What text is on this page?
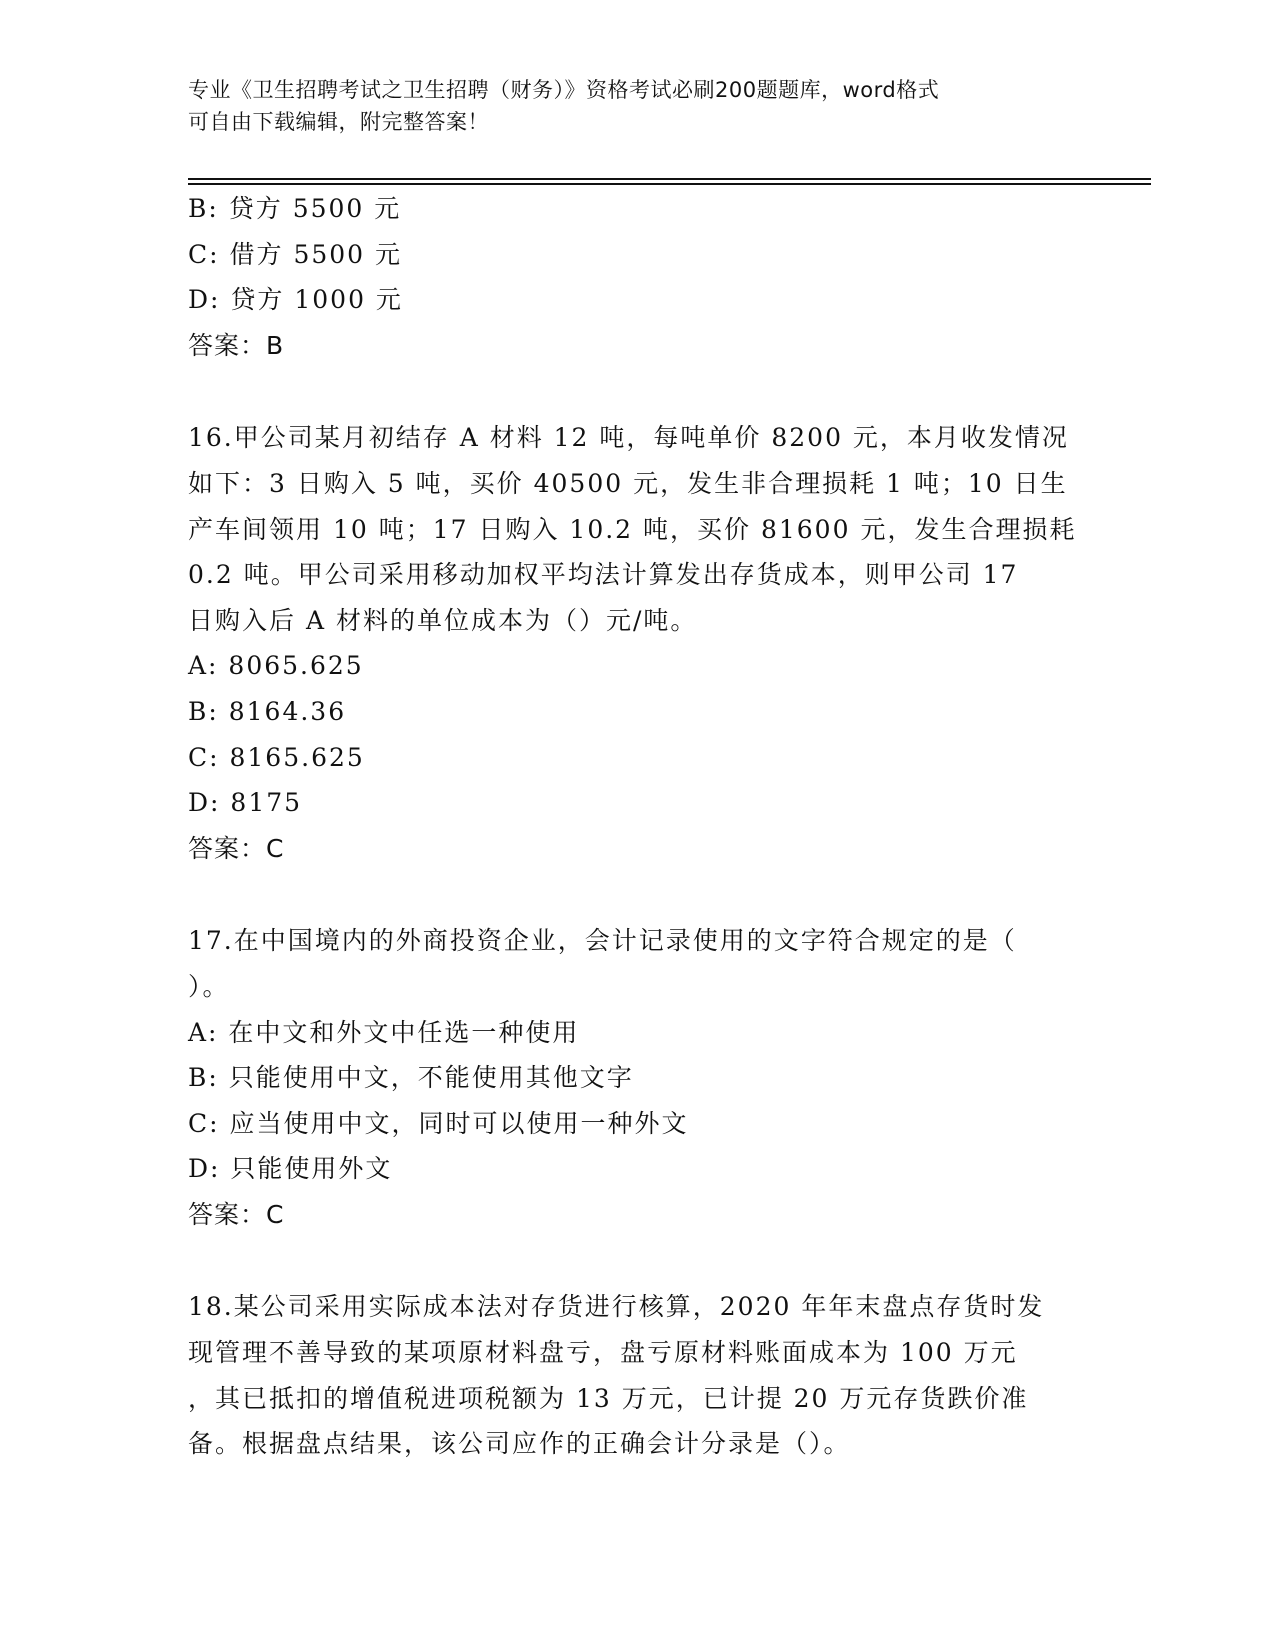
专业《卫生招聘考试之卫生招聘（财务）》资格考试必刷200题题库，word格式
可自由下载编辑，附完整答案！
B: 贷方 5500 元
C: 借方 5500 元
D: 贷方 1000 元
答案：B
16.甲公司某月初结存 A 材料 12 吨，每吨单价 8200 元，本月收发情况
如下：3 日购入 5 吨，买价 40500 元，发生非合理损耗 1 吨；10 日生
产车间领用 10 吨；17 日购入 10.2 吨，买价 81600 元，发生合理损耗
0.2 吨。甲公司采用移动加权平均法计算发出存货成本，则甲公司 17
日购入后 A 材料的单位成本为（）元/吨。
A: 8065.625
B: 8164.36
C: 8165.625
D: 8175
答案：C
17.在中国境内的外商投资企业，会计记录使用的文字符合规定的是（
）。
A: 在中文和外文中任选一种使用
B: 只能使用中文，不能使用其他文字
C: 应当使用中文，同时可以使用一种外文
D: 只能使用外文
答案：C
18.某公司采用实际成本法对存货进行核算，2020 年年末盘点存货时发
现管理不善导致的某项原材料盘亏，盘亏原材料账面成本为 100 万元
，其已抵扣的增值税进项税额为 13 万元，已计提 20 万元存货跌价准
备。根据盘点结果，该公司应作的正确会计分录是（）。
